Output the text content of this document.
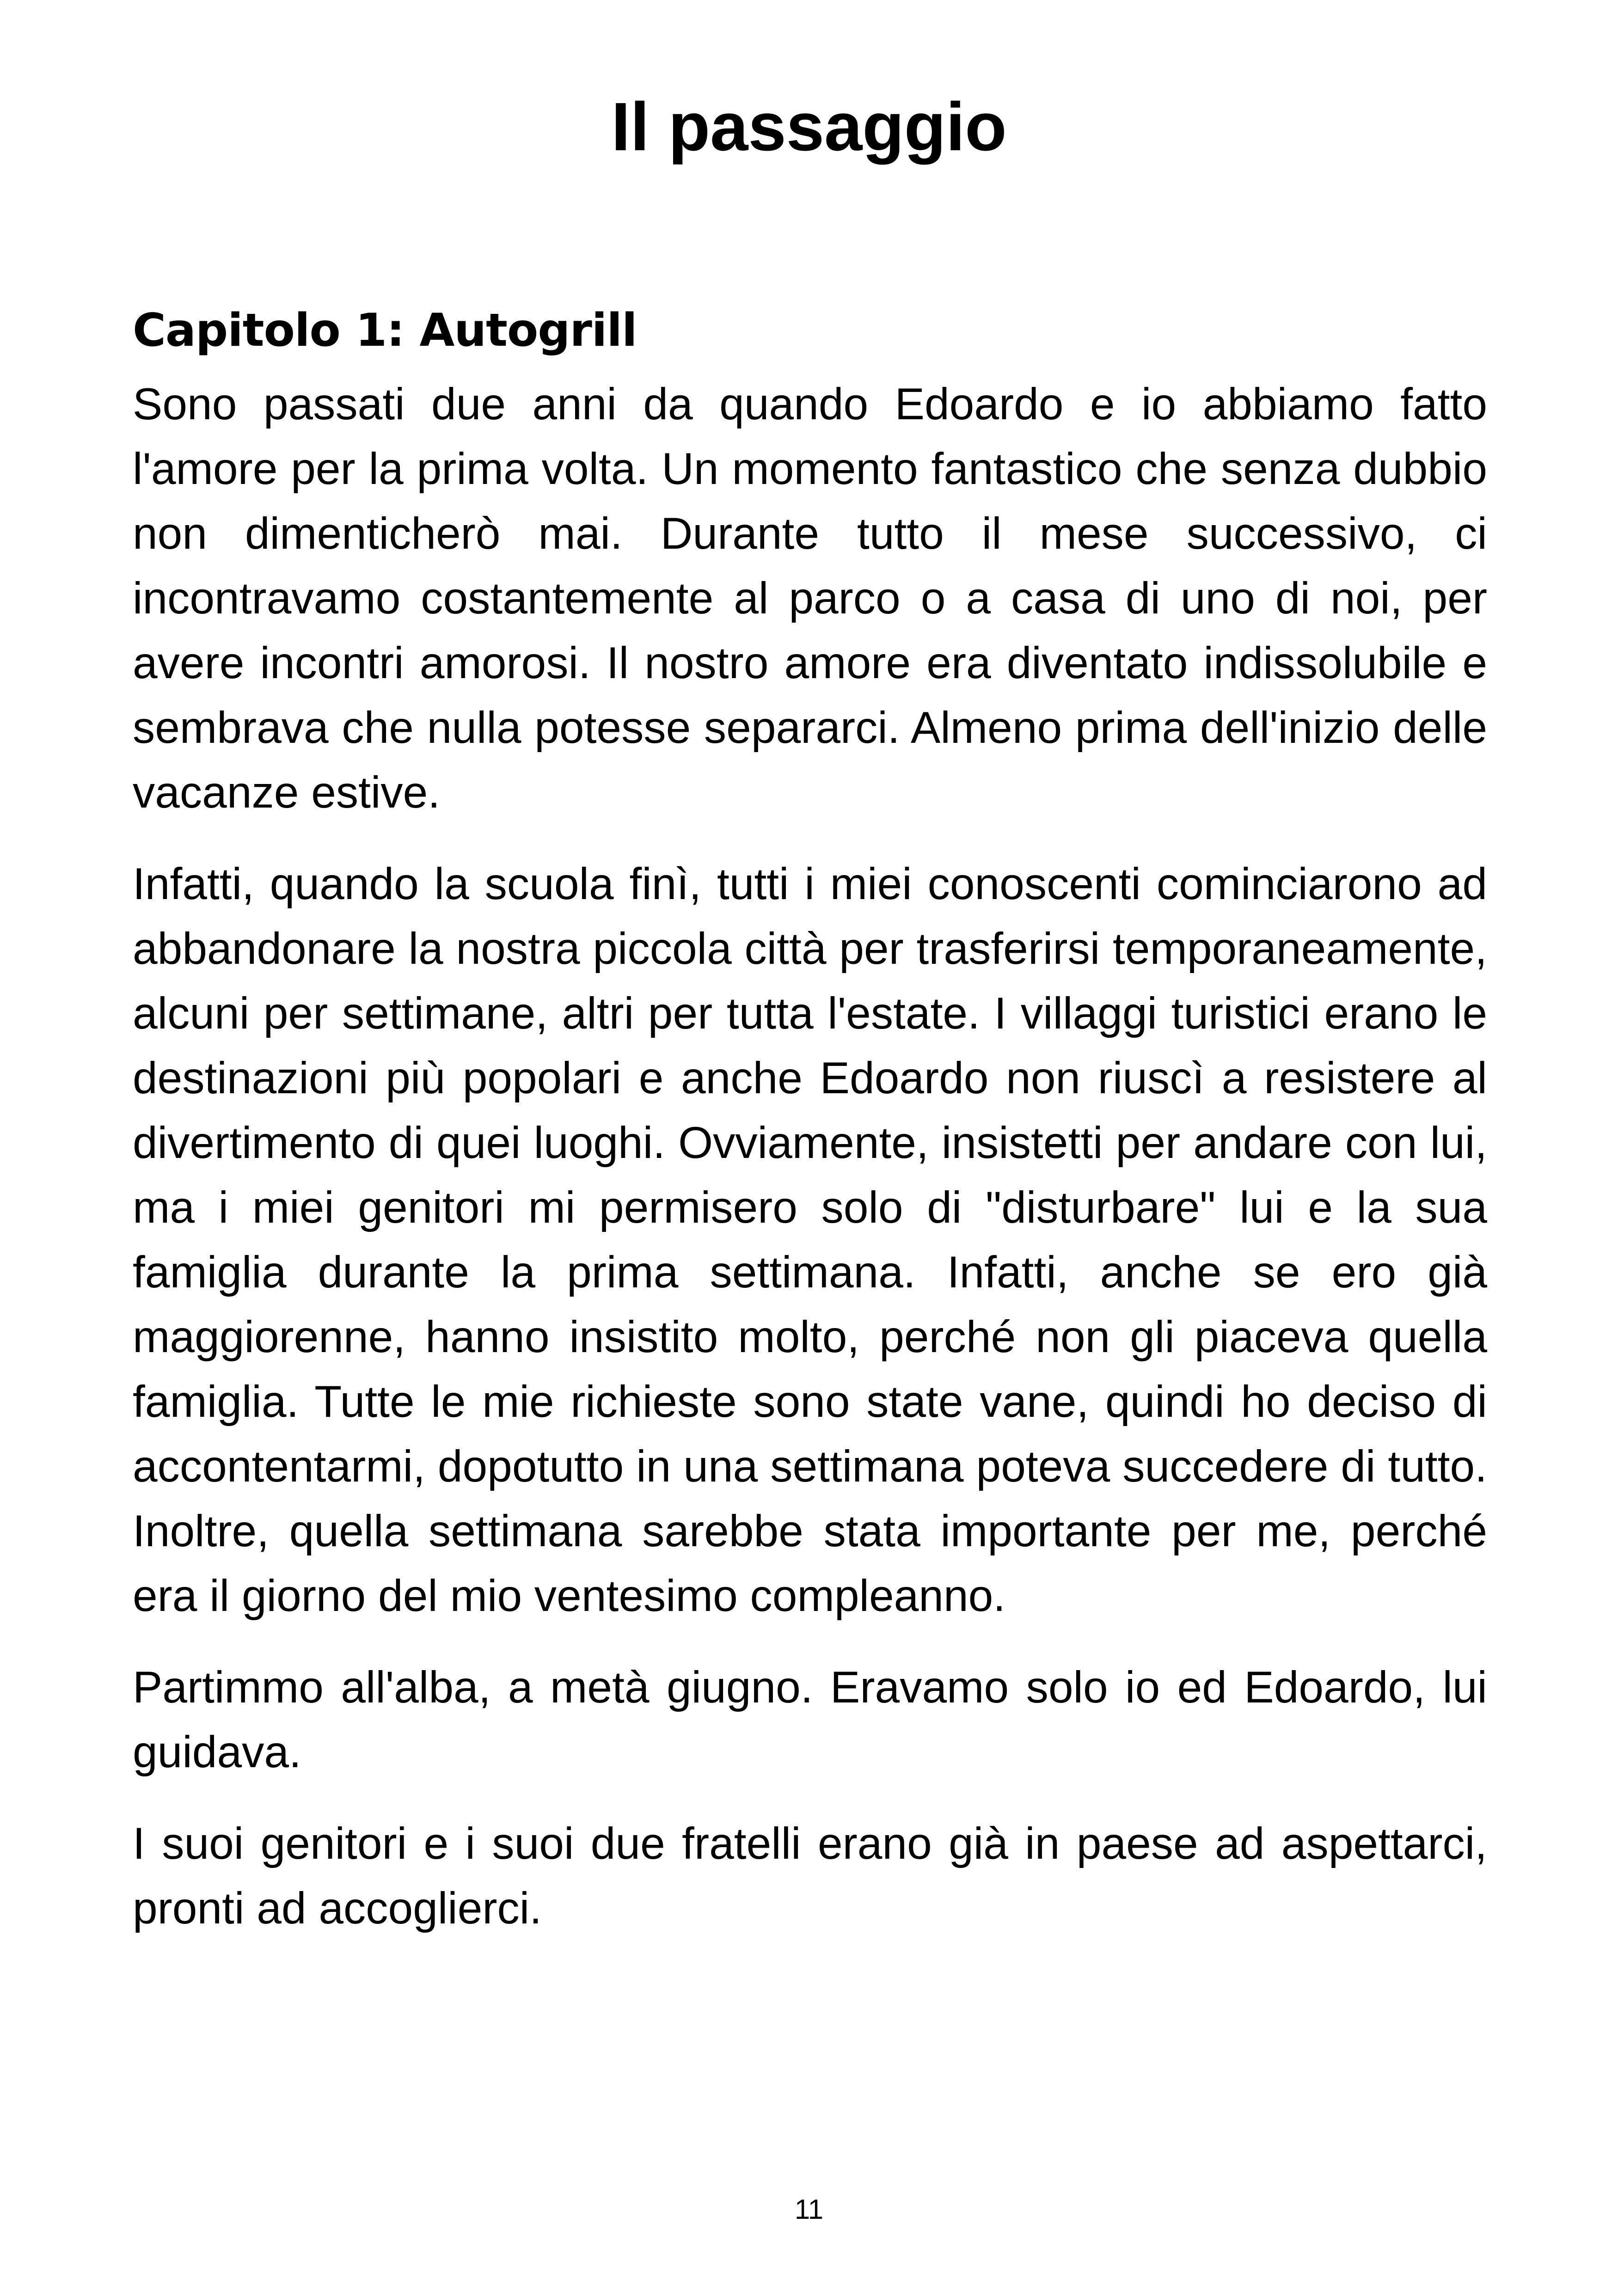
Il passaggio
Capitolo 1: Autogrill

Sono passati due anni da quando Edoardo e io abbiamo fatto l'amore per la prima volta. Un momento fantastico che senza dubbio non dimenticherò mai. Durante tutto il mese successivo, ci incontravamo costantemente al parco o a casa di uno di noi, per avere incontri amorosi. Il nostro amore era diventato indissolubile e sembrava che nulla potesse separarci. Almeno prima dell'inizio delle vacanze estive.

Infatti, quando la scuola finì, tutti i miei conoscenti cominciarono ad abbandonare la nostra piccola città per trasferirsi temporaneamente, alcuni per settimane, altri per tutta l'estate. I villaggi turistici erano le destinazioni più popolari e anche Edoardo non riuscì a resistere al divertimento di quei luoghi. Ovviamente, insistetti per andare con lui, ma i miei genitori mi permisero solo di "disturbare" lui e la sua famiglia durante la prima settimana. Infatti, anche se ero già maggiorenne, hanno insistito molto, perché non gli piaceva quella famiglia. Tutte le mie richieste sono state vane, quindi ho deciso di accontentarmi, dopotutto in una settimana poteva succedere di tutto. Inoltre, quella settimana sarebbe stata importante per me, perché era il giorno del mio ventesimo compleanno.

Partimmo all'alba, a metà giugno. Eravamo solo io ed Edoardo, lui guidava.

I suoi genitori e i suoi due fratelli erano già in paese ad aspettarci, pronti ad accoglierci.

11
